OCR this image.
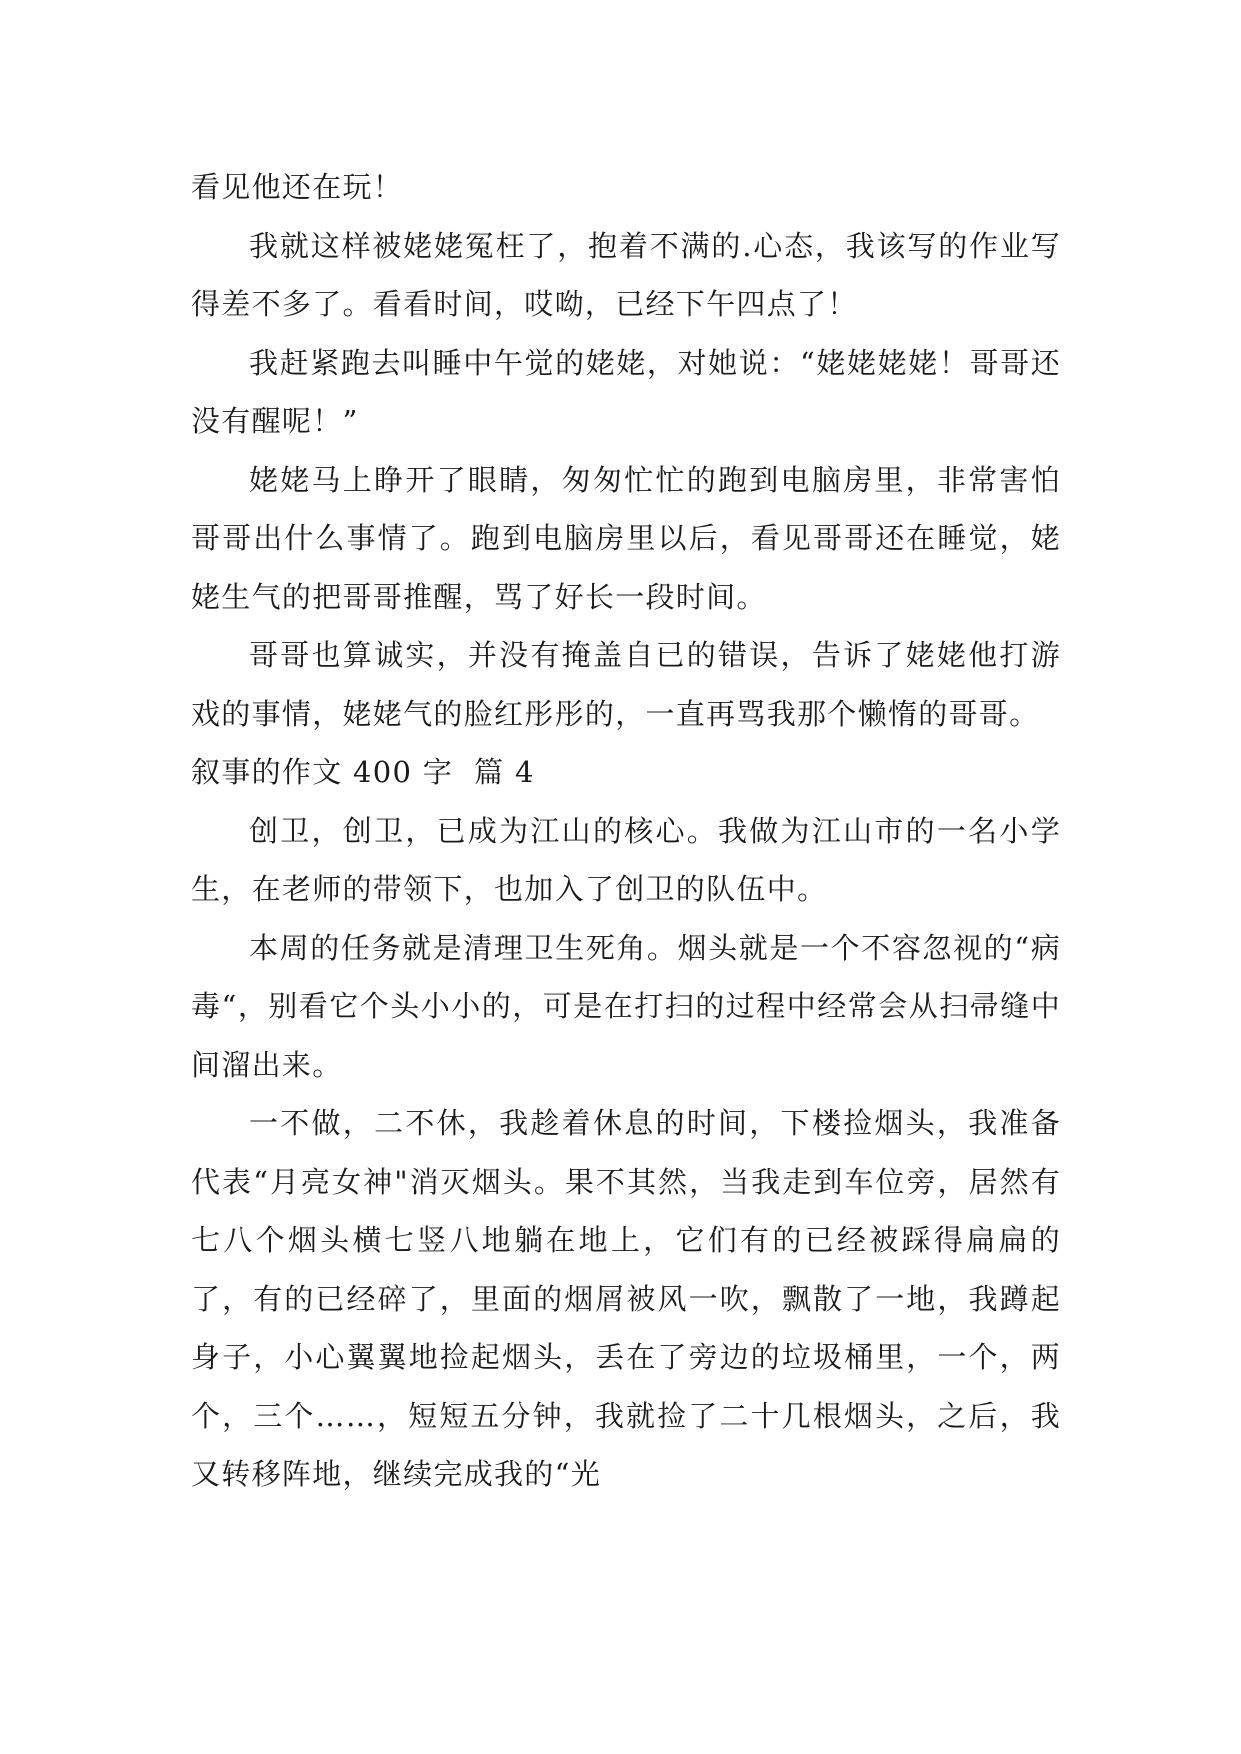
看见他还在玩！

我就这样被姥姥冤枉了，抱着不满的.心态，我该写的作业写得差不多了。看看时间，哎呦，已经下午四点了！

我赶紧跑去叫睡中午觉的姥姥，对她说：“姥姥姥姥！哥哥还没有醒呢！”

姥姥马上睁开了眼睛，匆匆忙忙的跑到电脑房里，非常害怕哥哥出什么事情了。跑到电脑房里以后，看见哥哥还在睡觉，姥姥生气的把哥哥推醒，骂了好长一段时间。

哥哥也算诚实，并没有掩盖自已的错误，告诉了姥姥他打游戏的事情，姥姥气的脸红彤彤的，一直再骂我那个懒惰的哥哥。

叙事的作文 400 字  篇 4

创卫，创卫，已成为江山的核心。我做为江山市的一名小学生，在老师的带领下，也加入了创卫的队伍中。

本周的任务就是清理卫生死角。烟头就是一个不容忽视的“病毒“，别看它个头小小的，可是在打扫的过程中经常会从扫帚缝中间溜出来。

一不做，二不休，我趁着休息的时间，下楼捡烟头，我准备代表“月亮女神"消灭烟头。果不其然，当我走到车位旁，居然有七八个烟头横七竖八地躺在地上，它们有的已经被踩得扁扁的了，有的已经碎了，里面的烟屑被风一吹，飘散了一地，我蹲起身子，小心翼翼地捡起烟头，丢在了旁边的垃圾桶里，一个，两个，三个……，短短五分钟，我就捡了二十几根烟头，之后，我又转移阵地，继续完成我的“光
